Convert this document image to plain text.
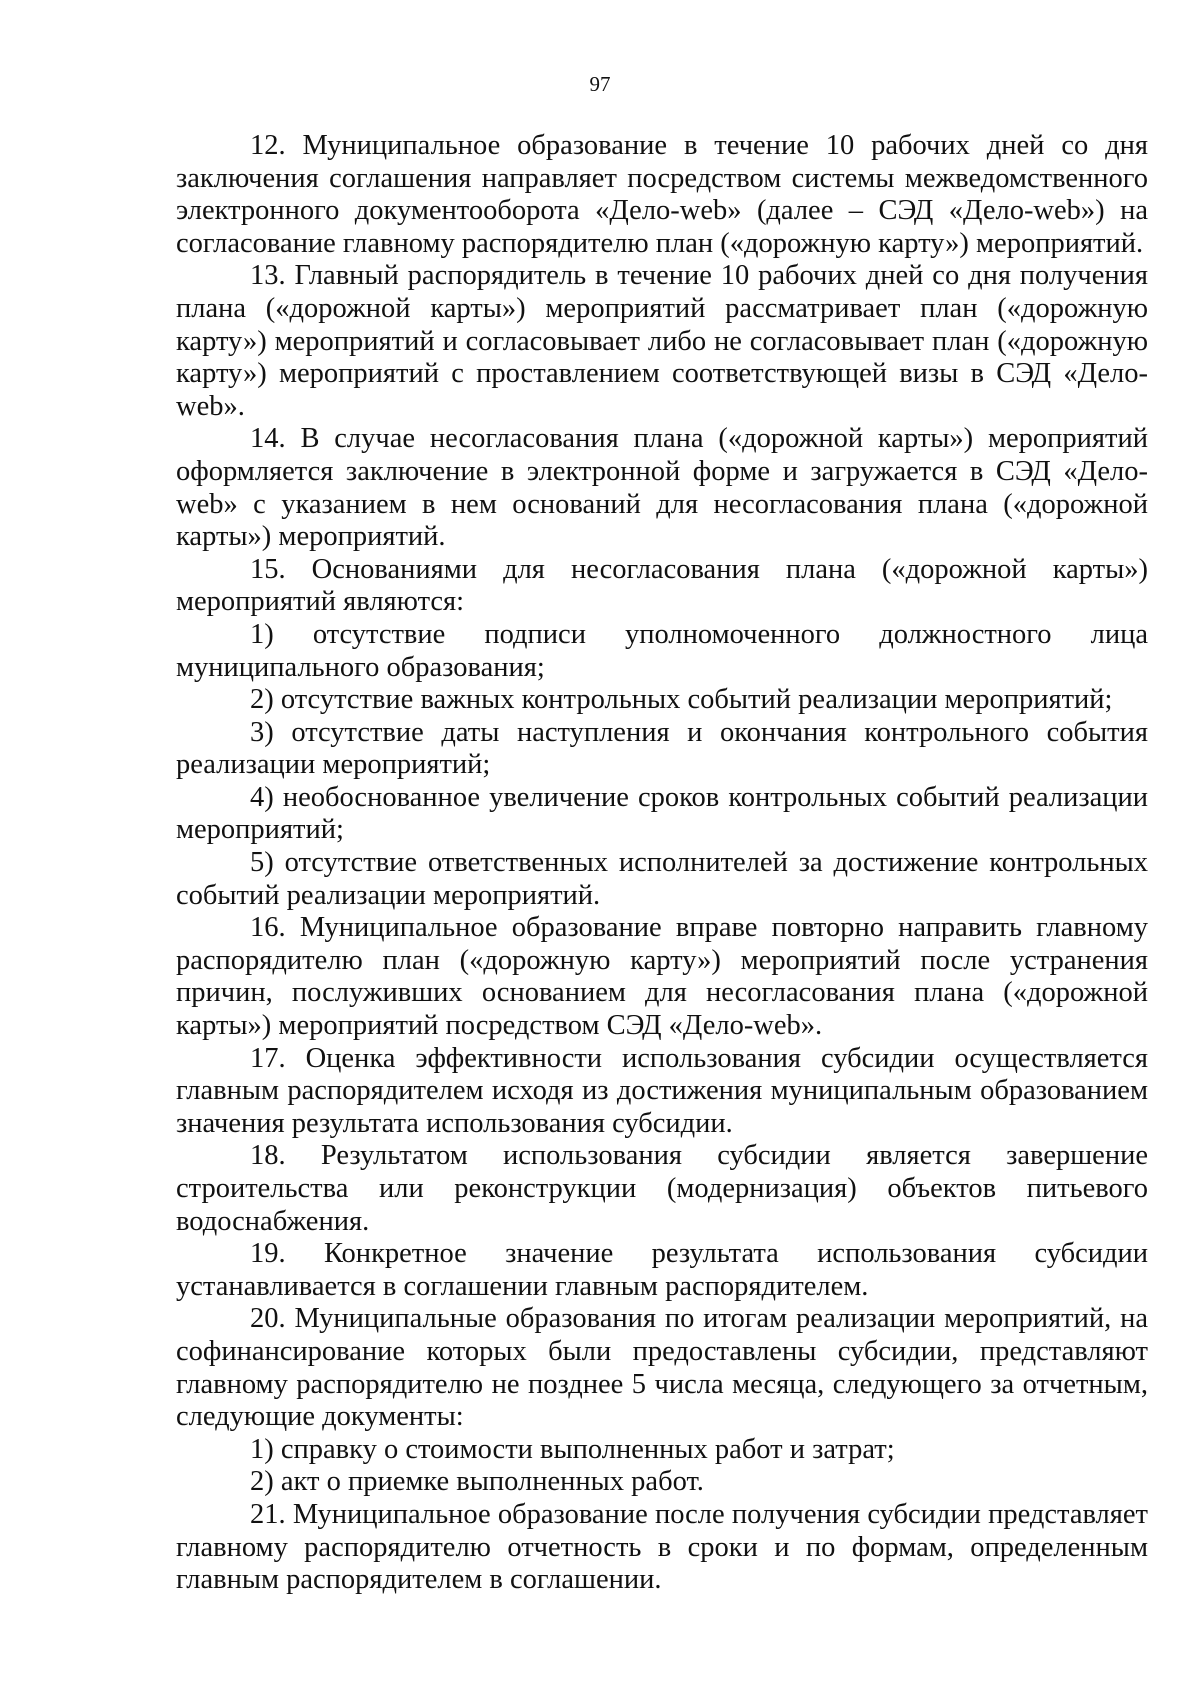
97

12. Муниципальное образование в течение 10 рабочих дней со дня заключения соглашения направляет посредством системы межведомственного электронного документооборота «Дело-web» (далее – СЭД «Дело-web») на согласование главному распорядителю план («дорожную карту») мероприятий.

13. Главный распорядитель в течение 10 рабочих дней со дня получения плана («дорожной карты») мероприятий рассматривает план («дорожную карту») мероприятий и согласовывает либо не согласовывает план («дорожную карту») мероприятий с проставлением соответствующей визы в СЭД «Дело-web».

14. В случае несогласования плана («дорожной карты») мероприятий оформляется заключение в электронной форме и загружается в СЭД «Дело-web» с указанием в нем оснований для несогласования плана («дорожной карты») мероприятий.

15. Основаниями для несогласования плана («дорожной карты») мероприятий являются:

1) отсутствие подписи уполномоченного должностного лица муниципального образования;

2) отсутствие важных контрольных событий реализации мероприятий;

3) отсутствие даты наступления и окончания контрольного события реализации мероприятий;

4) необоснованное увеличение сроков контрольных событий реализации мероприятий;

5) отсутствие ответственных исполнителей за достижение контрольных событий реализации мероприятий.

16. Муниципальное образование вправе повторно направить главному распорядителю план («дорожную карту») мероприятий после устранения причин, послуживших основанием для несогласования плана («дорожной карты») мероприятий посредством СЭД «Дело-web».

17. Оценка эффективности использования субсидии осуществляется главным распорядителем исходя из достижения муниципальным образованием значения результата использования субсидии.

18. Результатом использования субсидии является завершение строительства или реконструкции (модернизация) объектов питьевого водоснабжения.

19. Конкретное значение результата использования субсидии устанавливается в соглашении главным распорядителем.

20. Муниципальные образования по итогам реализации мероприятий, на софинансирование которых были предоставлены субсидии, представляют главному распорядителю не позднее 5 числа месяца, следующего за отчетным, следующие документы:

1) справку о стоимости выполненных работ и затрат;

2) акт о приемке выполненных работ.

21. Муниципальное образование после получения субсидии представляет главному распорядителю отчетность в сроки и по формам, определенным главным распорядителем в соглашении.
